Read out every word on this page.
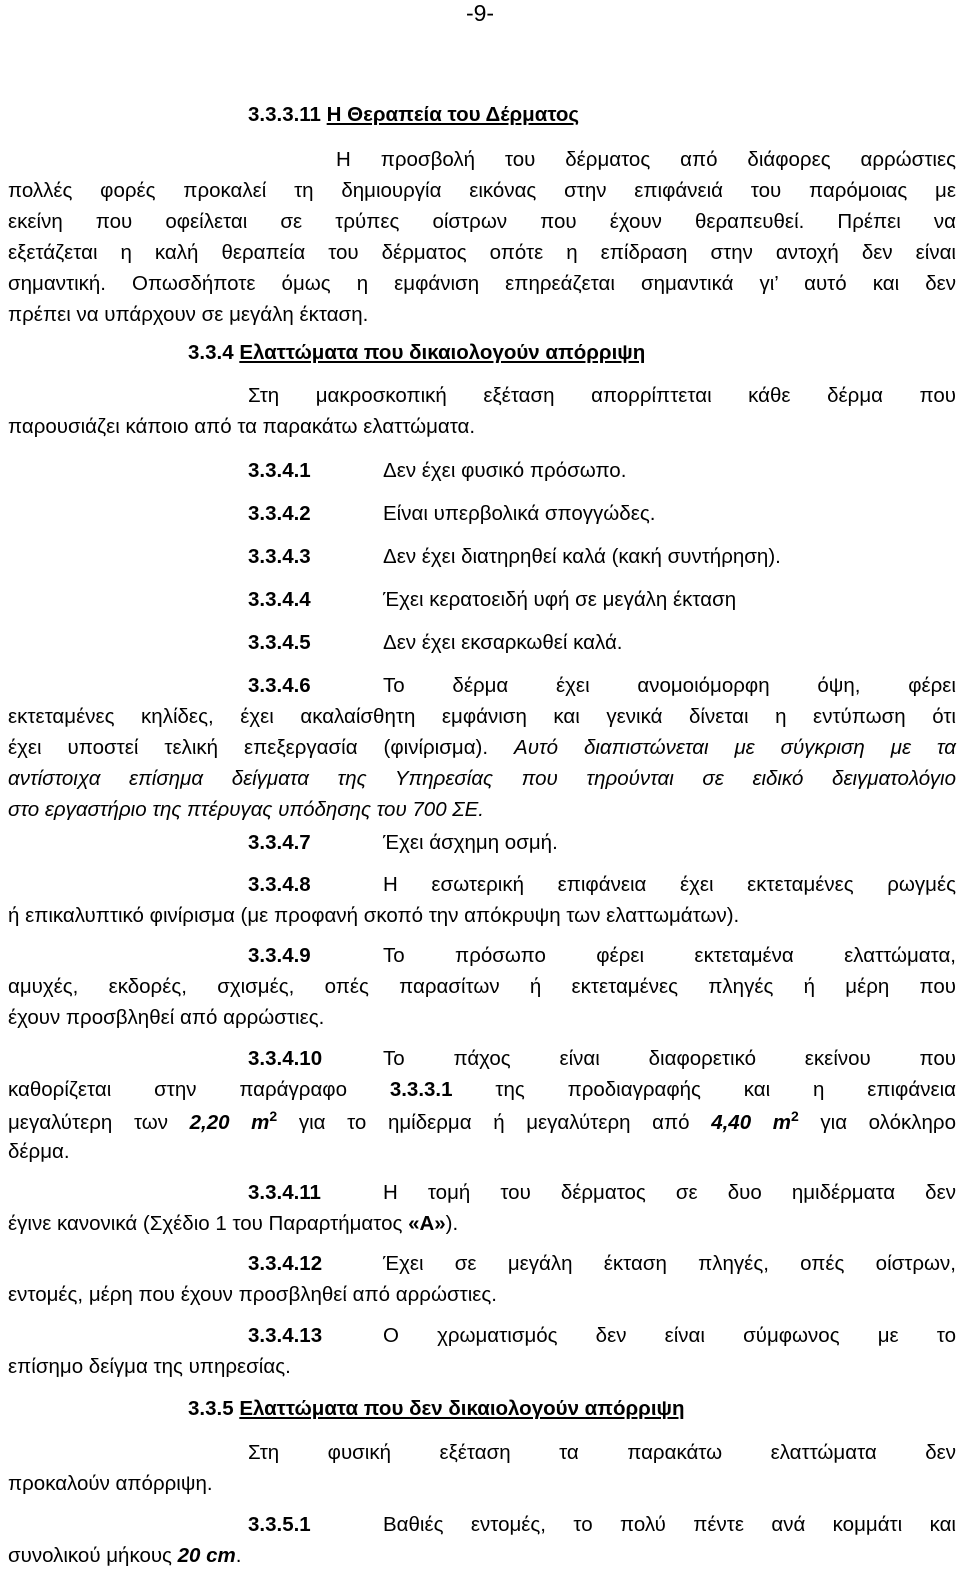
-9-
3.3.3.11 Η Θεραπεία του Δέρματος
Η προσβολή του δέρματος από διάφορες αρρώστιες
πολλές φορές προκαλεί τη δημιουργία εικόνας στην επιφάνειά του παρόμοιας με
εκείνη που οφείλεται σε τρύπες οίστρων που έχουν θεραπευθεί. Πρέπει να
εξετάζεται η καλή θεραπεία του δέρματος οπότε η επίδραση στην αντοχή δεν είναι
σημαντική. Οπωσδήποτε όμως η εμφάνιση επηρεάζεται σημαντικά γι’ αυτό και δεν
πρέπει να υπάρχουν σε μεγάλη έκταση.
3.3.4 Ελαττώματα που δικαιολογούν απόρριψη
Στη μακροσκοπική εξέταση απορρίπτεται κάθε δέρμα που
παρουσιάζει κάποιο από τα παρακάτω ελαττώματα.
3.3.4.1	Δεν έχει φυσικό πρόσωπο.
3.3.4.2	Είναι υπερβολικά σπογγώδες.
3.3.4.3	Δεν έχει διατηρηθεί καλά (κακή συντήρηση).
3.3.4.4	Έχει κερατοειδή υφή σε μεγάλη έκταση
3.3.4.5	Δεν έχει εκσαρκωθεί καλά.
3.3.4.6	Το δέρμα έχει ανομοιόμορφη όψη, φέρει
εκτεταμένες κηλίδες, έχει ακαλαίσθητη εμφάνιση και γενικά δίνεται η εντύπωση ότι
έχει υποστεί τελική επεξεργασία (φινίρισμα). Αυτό διαπιστώνεται με σύγκριση με τα
αντίστοιχα επίσημα δείγματα της Υπηρεσίας που τηρούνται σε ειδικό δειγματολόγιο
στο εργαστήριο της πτέρυγας υπόδησης του 700 ΣΕ.
3.3.4.7	Έχει άσχημη οσμή.
3.3.4.8	Η εσωτερική επιφάνεια έχει εκτεταμένες ρωγμές
ή επικαλυπτικό φινίρισμα (με προφανή σκοπό την απόκρυψη των ελαττωμάτων).
3.3.4.9	Το πρόσωπο φέρει εκτεταμένα ελαττώματα,
αμυχές, εκδορές, σχισμές, οπές παρασίτων ή εκτεταμένες πληγές ή μέρη που
έχουν προσβληθεί από αρρώστιες.
3.3.4.10	Το πάχος είναι διαφορετικό εκείνου που
καθορίζεται στην παράγραφο 3.3.3.1 της προδιαγραφής και η επιφάνεια
μεγαλύτερη των 2,20 $m^2$ για το ημίδερμα ή μεγαλύτερη από 4,40 $m^2$ για ολόκληρο
δέρμα.
3.3.4.11	Η τομή του δέρματος σε δυο ημιδέρματα δεν
έγινε κανονικά (Σχέδιο 1 του Παραρτήματος «Α»).
3.3.4.12	Έχει σε μεγάλη έκταση πληγές, οπές οίστρων,
εντομές, μέρη που έχουν προσβληθεί από αρρώστιες.
3.3.4.13	Ο χρωματισμός δεν είναι σύμφωνος με το
επίσημο δείγμα της υπηρεσίας.
3.3.5 Ελαττώματα που δεν δικαιολογούν απόρριψη
Στη φυσική εξέταση τα παρακάτω ελαττώματα δεν
προκαλούν απόρριψη.
3.3.5.1	Βαθιές εντομές, το πολύ πέντε ανά κομμάτι και
συνολικού μήκους 20 cm.
